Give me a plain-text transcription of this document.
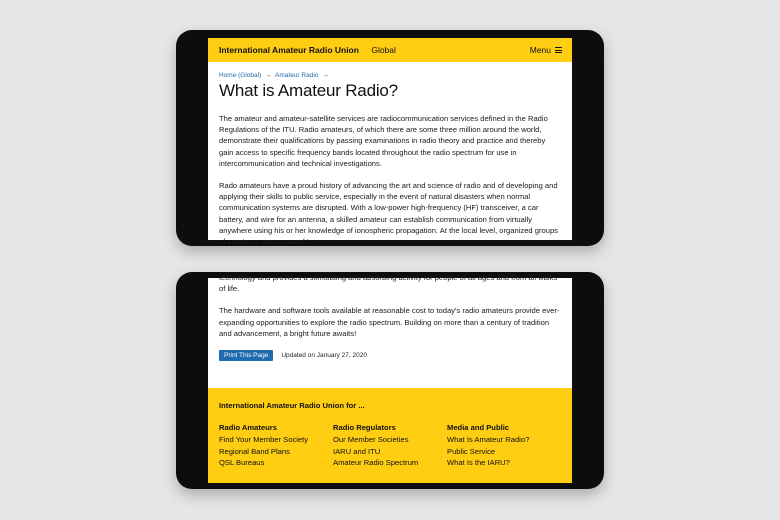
International Amateur Radio Union Global	Menu
Home (Global) → Amateur Radio →
What is Amateur Radio?

The amateur and amateur-satellite services are radiocommunication services defined in the Radio Regulations of the ITU. Radio amateurs, of which there are some three million around the world, demonstrate their qualifications by passing examinations in radio theory and practice and thereby gain access to specific frequency bands located throughout the radio spectrum for use in intercommunication and technical investigations.

Rado amateurs have a proud history of advancing the art and science of radio and of developing and applying their skills to public service, especially in the event of natural disasters when normal communication systems are disrupted. With a low-power high-frequency (HF) transceiver, a car battery, and wire for an antenna, a skilled amateur can establish communication from virtually anywhere using his or her knowledge of ionospheric propagation. At the local level, organized groups of amateurs are prepared to

technology and provides a stimulating and absorbing activity for people of all ages and from all walks of life.

The hardware and software tools available at reasonable cost to today's radio amateurs provide ever-expanding opportunities to explore the radio spectrum. Building on more than a century of tradition and advancement, a bright future awaits!

Print This Page	Updated on January 27, 2020
International Amateur Radio Union for ...
Radio Amateurs
Find Your Member Society
Regional Band Plans
QSL Bureaus
Radio Regulators
Our Member Societies
IARU and ITU
Amateur Radio Spectrum
Media and Public
What Is Amateur Radio?
Public Service
What Is the IARU?
